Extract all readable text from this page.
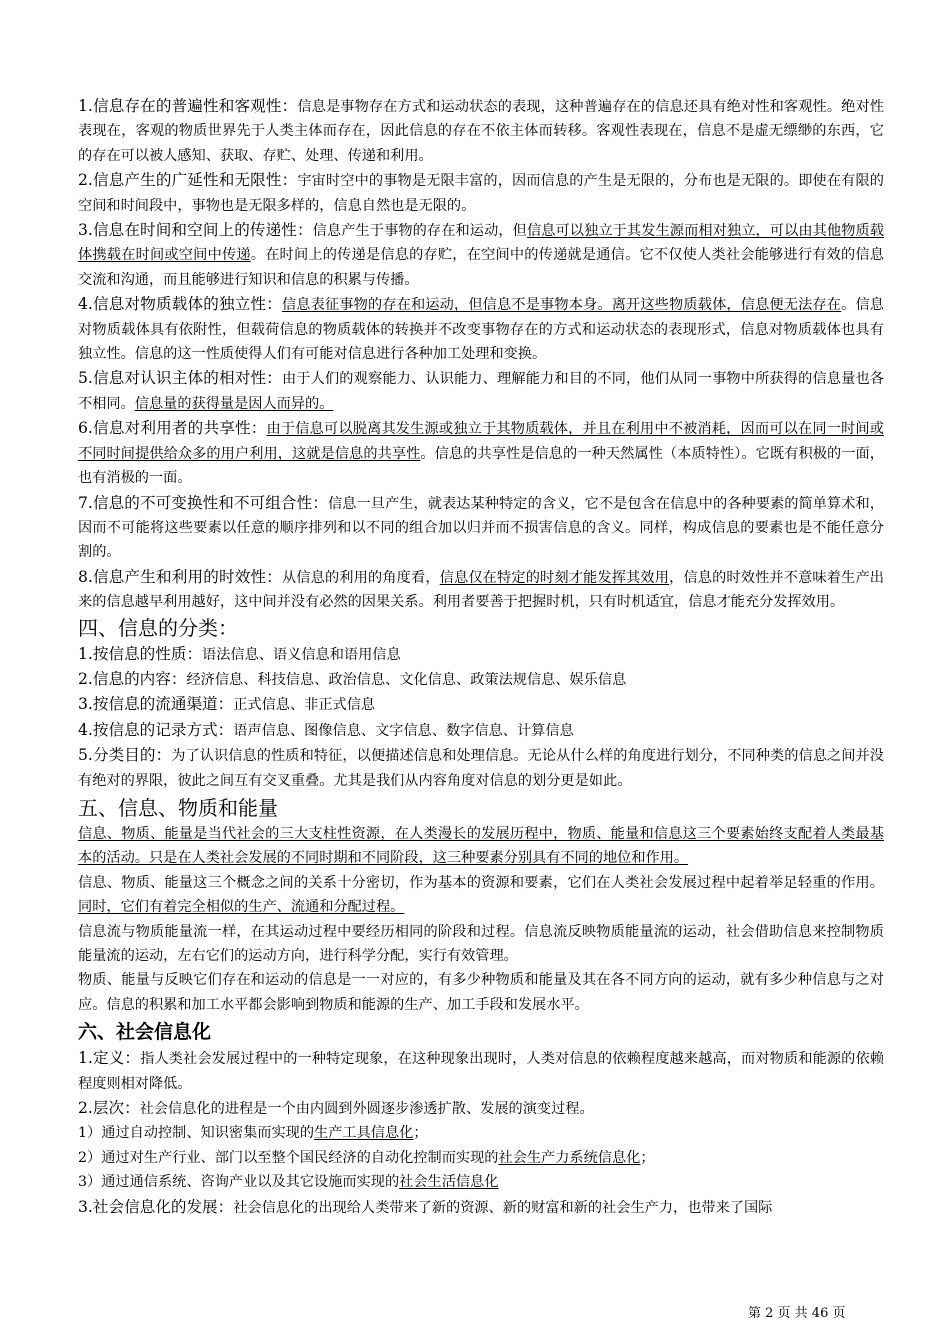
1.信息存在的普遍性和客观性：信息是事物存在方式和运动状态的表现，这种普遍存在的信息还具有绝对性和客观性。绝对性表现在，客观的物质世界先于人类主体而存在，因此信息的存在不依主体而转移。客观性表现在，信息不是虚无缥缈的东西，它的存在可以被人感知、获取、存贮、处理、传递和利用。

2.信息产生的广延性和无限性：宇宙时空中的事物是无限丰富的，因而信息的产生是无限的，分布也是无限的。即使在有限的空间和时间段中，事物也是无限多样的，信息自然也是无限的。

3.信息在时间和空间上的传递性：信息产生于事物的存在和运动，但信息可以独立于其发生源而相对独立，可以由其他物质载体携载在时间或空间中传递。在时间上的传递是信息的存贮，在空间中的传递就是通信。它不仅使人类社会能够进行有效的信息交流和沟通，而且能够进行知识和信息的积累与传播。

4.信息对物质载体的独立性：信息表征事物的存在和运动，但信息不是事物本身。离开这些物质载体，信息便无法存在。信息对物质载体具有依附性，但载荷信息的物质载体的转换并不改变事物存在的方式和运动状态的表现形式，信息对物质载体也具有独立性。信息的这一性质使得人们有可能对信息进行各种加工处理和变换。

5.信息对认识主体的相对性：由于人们的观察能力、认识能力、理解能力和目的不同，他们从同一事物中所获得的信息量也各不相同。信息量的获得量是因人而异的。

6.信息对利用者的共享性：由于信息可以脱离其发生源或独立于其物质载体，并且在利用中不被消耗，因而可以在同一时间或不同时间提供给众多的用户利用，这就是信息的共享性。信息的共享性是信息的一种天然属性（本质特性）。它既有积极的一面，也有消极的一面。

7.信息的不可变换性和不可组合性：信息一旦产生，就表达某种特定的含义，它不是包含在信息中的各种要素的简单算术和，因而不可能将这些要素以任意的顺序排列和以不同的组合加以归并而不损害信息的含义。同样，构成信息的要素也是不能任意分割的。

8.信息产生和利用的时效性：从信息的利用的角度看，信息仅在特定的时刻才能发挥其效用，信息的时效性并不意味着生产出来的信息越早利用越好，这中间并没有必然的因果关系。利用者要善于把握时机，只有时机适宜，信息才能充分发挥效用。

四、信息的分类：

1.按信息的性质：语法信息、语义信息和语用信息

2.信息的内容：经济信息、科技信息、政治信息、文化信息、政策法规信息、娱乐信息

3.按信息的流通渠道：正式信息、非正式信息

4.按信息的记录方式：语声信息、图像信息、文字信息、数字信息、计算信息

5.分类目的：为了认识信息的性质和特征，以便描述信息和处理信息。无论从什么样的角度进行划分，不同种类的信息之间并没有绝对的界限，彼此之间互有交叉重叠。尤其是我们从内容角度对信息的划分更是如此。

五、信息、物质和能量

信息、物质、能量是当代社会的三大支柱性资源，在人类漫长的发展历程中，物质、能量和信息这三个要素始终支配着人类最基本的活动。只是在人类社会发展的不同时期和不同阶段，这三种要素分别具有不同的地位和作用。

信息、物质、能量这三个概念之间的关系十分密切，作为基本的资源和要素，它们在人类社会发展过程中起着举足轻重的作用。同时，它们有着完全相似的生产、流通和分配过程。

信息流与物质能量流一样，在其运动过程中要经历相同的阶段和过程。信息流反映物质能量流的运动，社会借助信息来控制物质能量流的运动，左右它们的运动方向，进行科学分配，实行有效管理。

物质、能量与反映它们存在和运动的信息是一一对应的，有多少种物质和能量及其在各不同方向的运动，就有多少种信息与之对应。信息的积累和加工水平都会影响到物质和能源的生产、加工手段和发展水平。

六、社会信息化

1.定义：指人类社会发展过程中的一种特定现象，在这种现象出现时，人类对信息的依赖程度越来越高，而对物质和能源的依赖程度则相对降低。

2.层次：社会信息化的进程是一个由内圆到外圆逐步渗透扩散、发展的演变过程。

1）通过自动控制、知识密集而实现的生产工具信息化；

2）通过对生产行业、部门以至整个国民经济的自动化控制而实现的社会生产力系统信息化；

3）通过通信系统、咨询产业以及其它设施而实现的社会生活信息化

3.社会信息化的发展：社会信息化的出现给人类带来了新的资源、新的财富和新的社会生产力，也带来了国际

第 2 页 共 46 页
